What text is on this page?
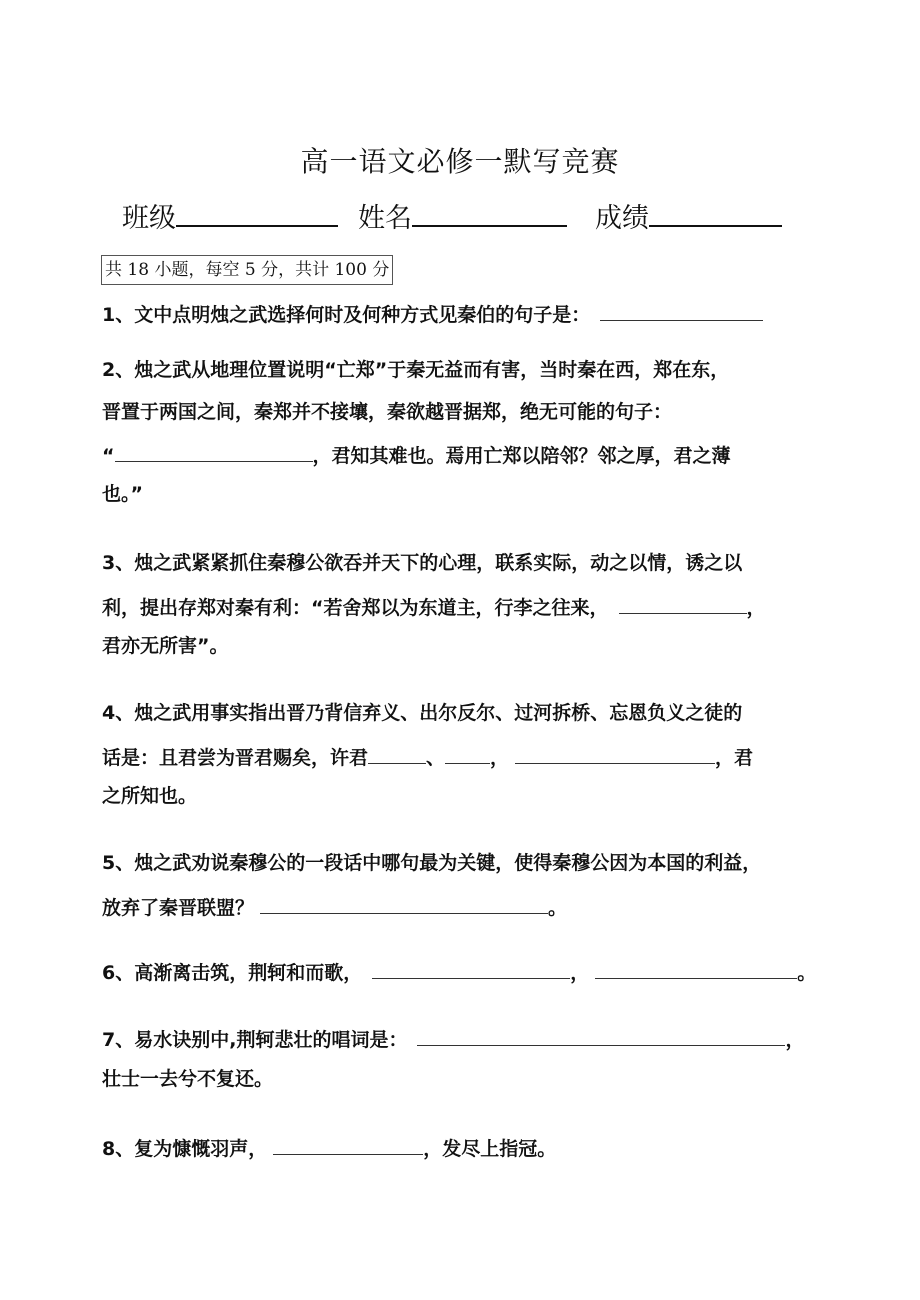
高一语文必修一默写竞赛
班级	姓名	成绩
共 18 小题，每空 5 分，共计 100 分
1、文中点明烛之武选择何时及何种方式见秦伯的句子是：
2、烛之武从地理位置说明“亡郑”于秦无益而有害，当时秦在西，郑在东，
晋置于两国之间，秦郑并不接壤，秦欲越晋据郑，绝无可能的句子：
“	，君知其难也。焉用亡郑以陪邻？邻之厚，君之薄
也。”
3、烛之武紧紧抓住秦穆公欲吞并天下的心理，联系实际，动之以情，诱之以
利，提出存郑对秦有利：“若舍郑以为东道主，行李之往来，	，
君亦无所害”。
4、烛之武用事实指出晋乃背信弃义、出尔反尔、过河拆桥、忘恩负义之徒的
话是：且君尝为晋君赐矣，许君	、 ，	，君
之所知也。
5、烛之武劝说秦穆公的一段话中哪句最为关键，使得秦穆公因为本国的利益，
放弃了秦晋联盟？	。
6、高渐离击筑，荆轲和而歌，	，	。
7、易水诀别中,荆轲悲壮的唱词是：	，
壮士一去兮不复还。
8、复为慷慨羽声，	，发尽上指冠。
